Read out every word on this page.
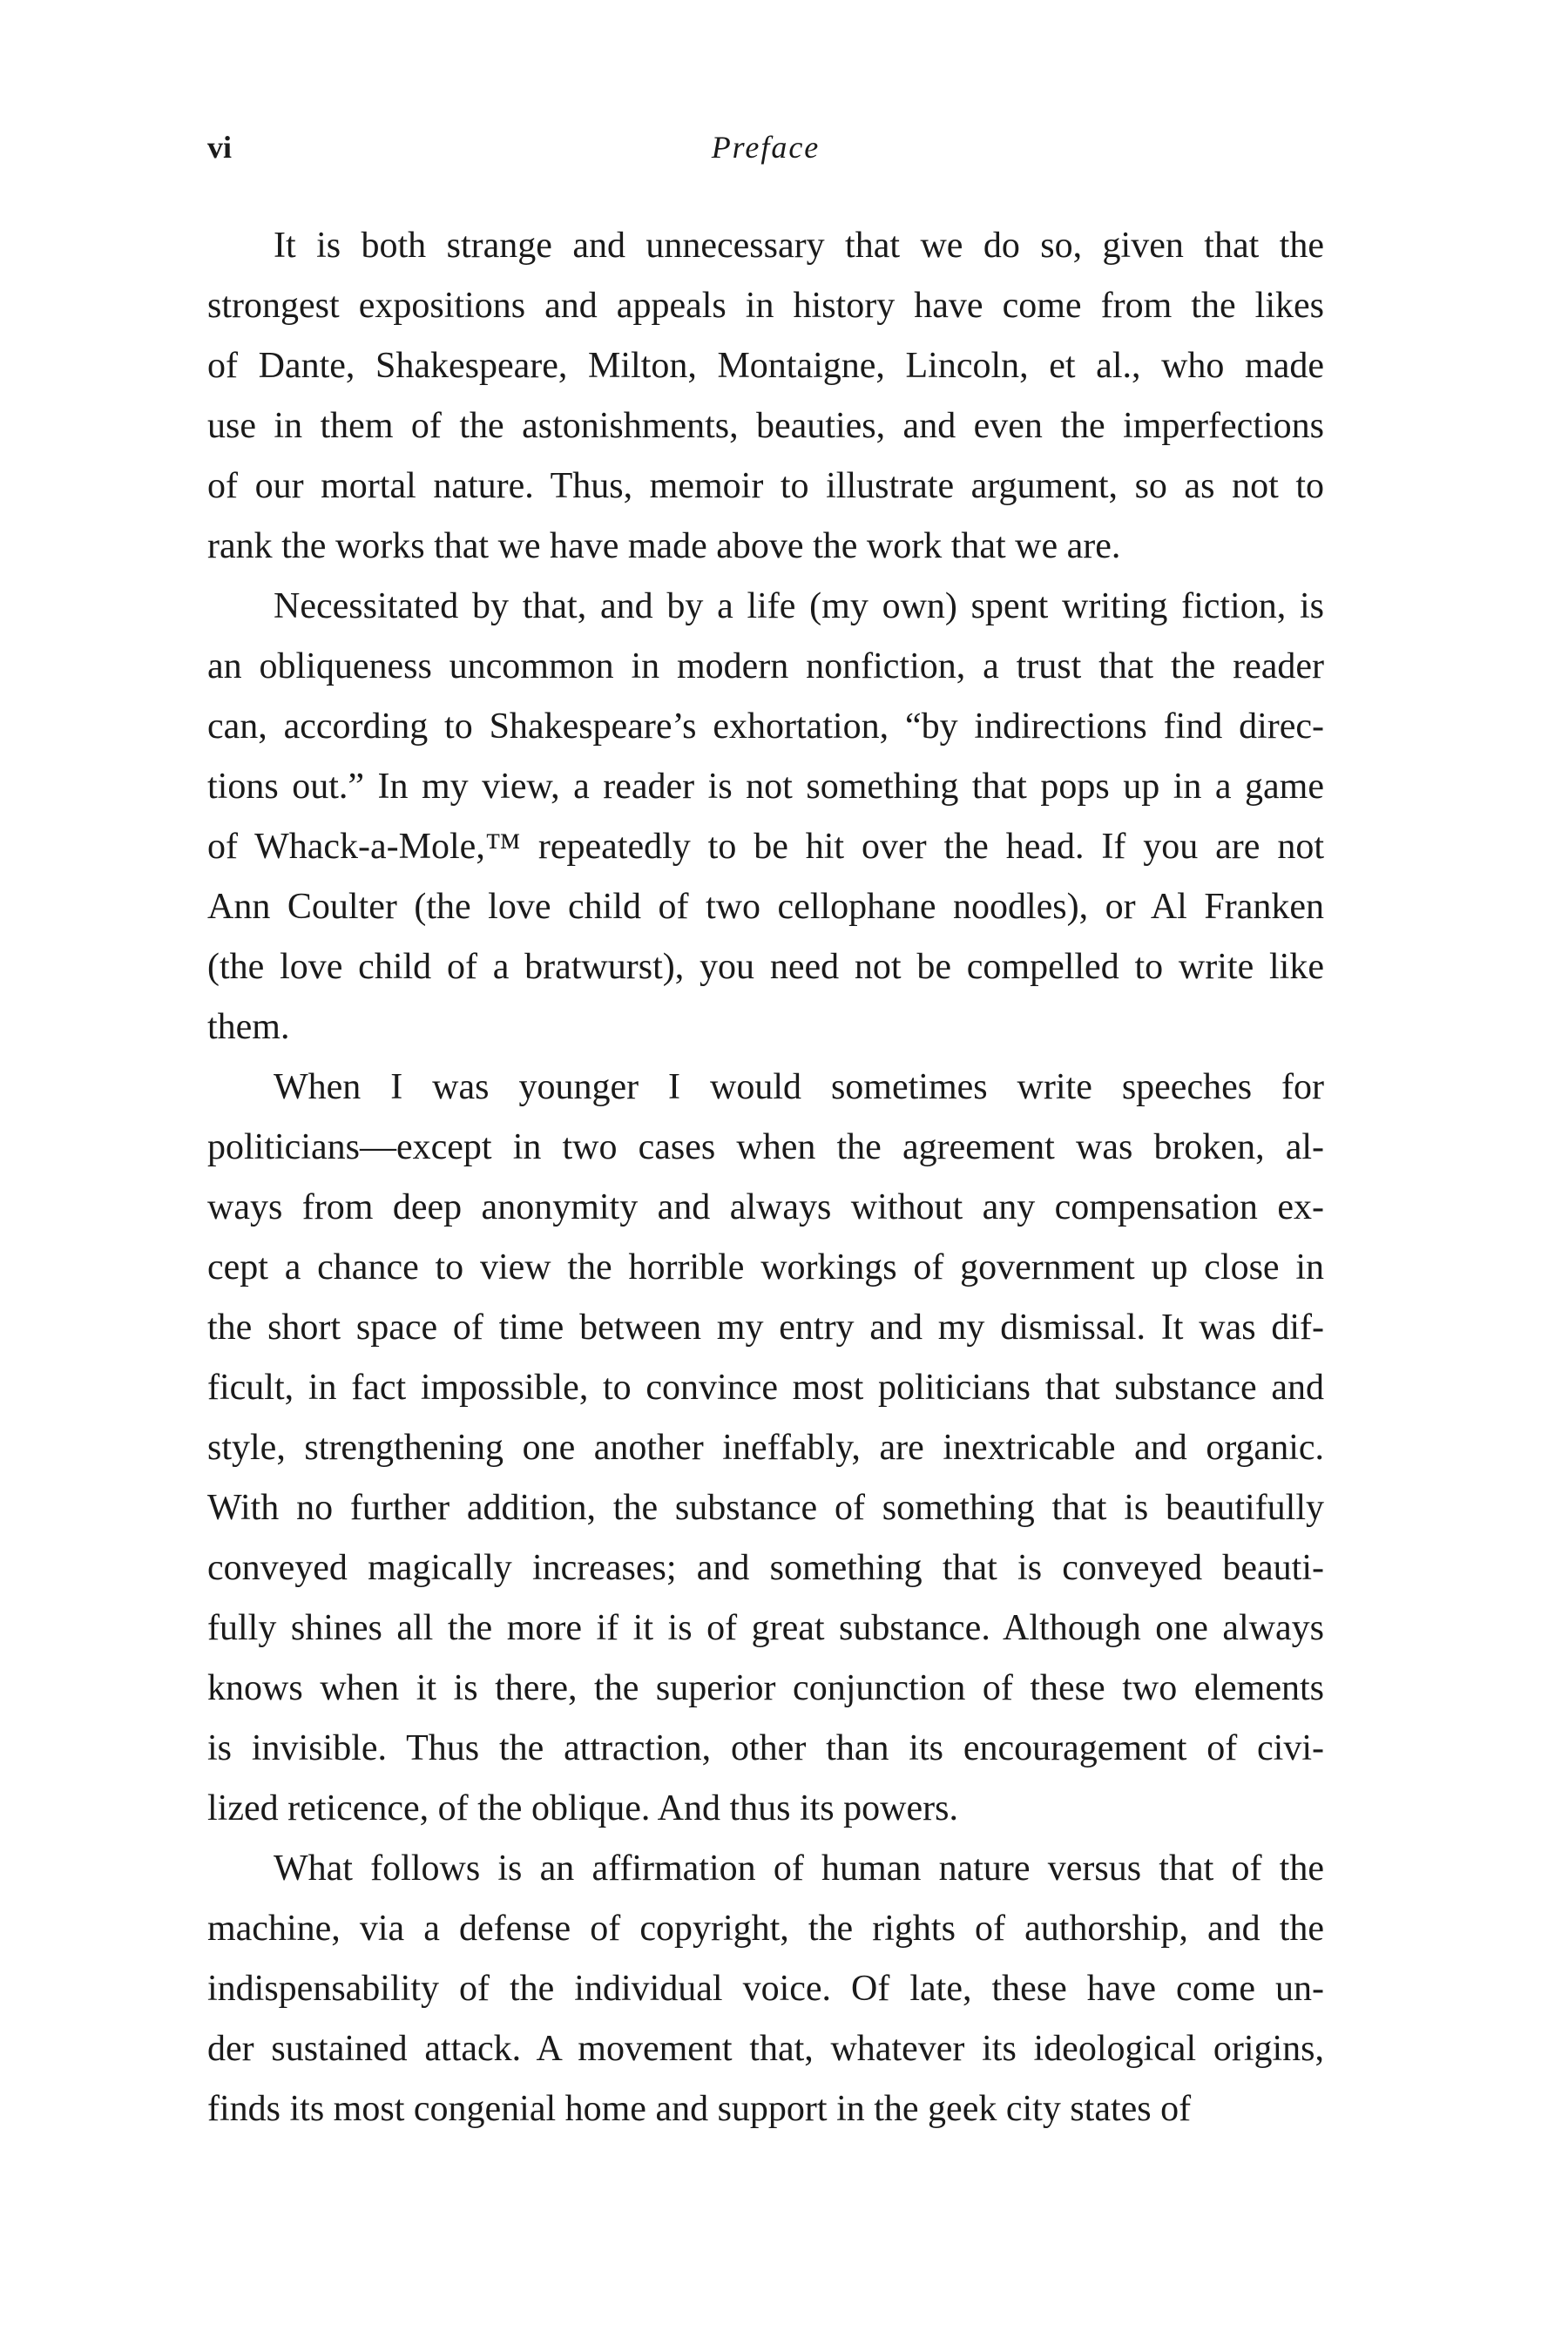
vi	Preface
It is both strange and unnecessary that we do so, given that the
strongest expositions and appeals in history have come from the likes
of Dante, Shakespeare, Milton, Montaigne, Lincoln, et al., who made
use in them of the astonishments, beauties, and even the imperfections
of our mortal nature. Thus, memoir to illustrate argument, so as not to
rank the works that we have made above the work that we are.
Necessitated by that, and by a life (my own) spent writing fiction, is
an obliqueness uncommon in modern nonfiction, a trust that the reader
can, according to Shakespeare’s exhortation, “by indirections find direc-
tions out.” In my view, a reader is not something that pops up in a game
of Whack-a-Mole,™ repeatedly to be hit over the head. If you are not
Ann Coulter (the love child of two cellophane noodles), or Al Franken
(the love child of a bratwurst), you need not be compelled to write like
them.
When I was younger I would sometimes write speeches for
politicians—except in two cases when the agreement was broken, al-
ways from deep anonymity and always without any compensation ex-
cept a chance to view the horrible workings of government up close in
the short space of time between my entry and my dismissal. It was dif-
ficult, in fact impossible, to convince most politicians that substance and
style, strengthening one another ineffably, are inextricable and organic.
With no further addition, the substance of something that is beautifully
conveyed magically increases; and something that is conveyed beauti-
fully shines all the more if it is of great substance. Although one always
knows when it is there, the superior conjunction of these two elements
is invisible. Thus the attraction, other than its encouragement of civi-
lized reticence, of the oblique. And thus its powers.
What follows is an affirmation of human nature versus that of the
machine, via a defense of copyright, the rights of authorship, and the
indispensability of the individual voice. Of late, these have come un-
der sustained attack. A movement that, whatever its ideological origins,
finds its most congenial home and support in the geek city states of
